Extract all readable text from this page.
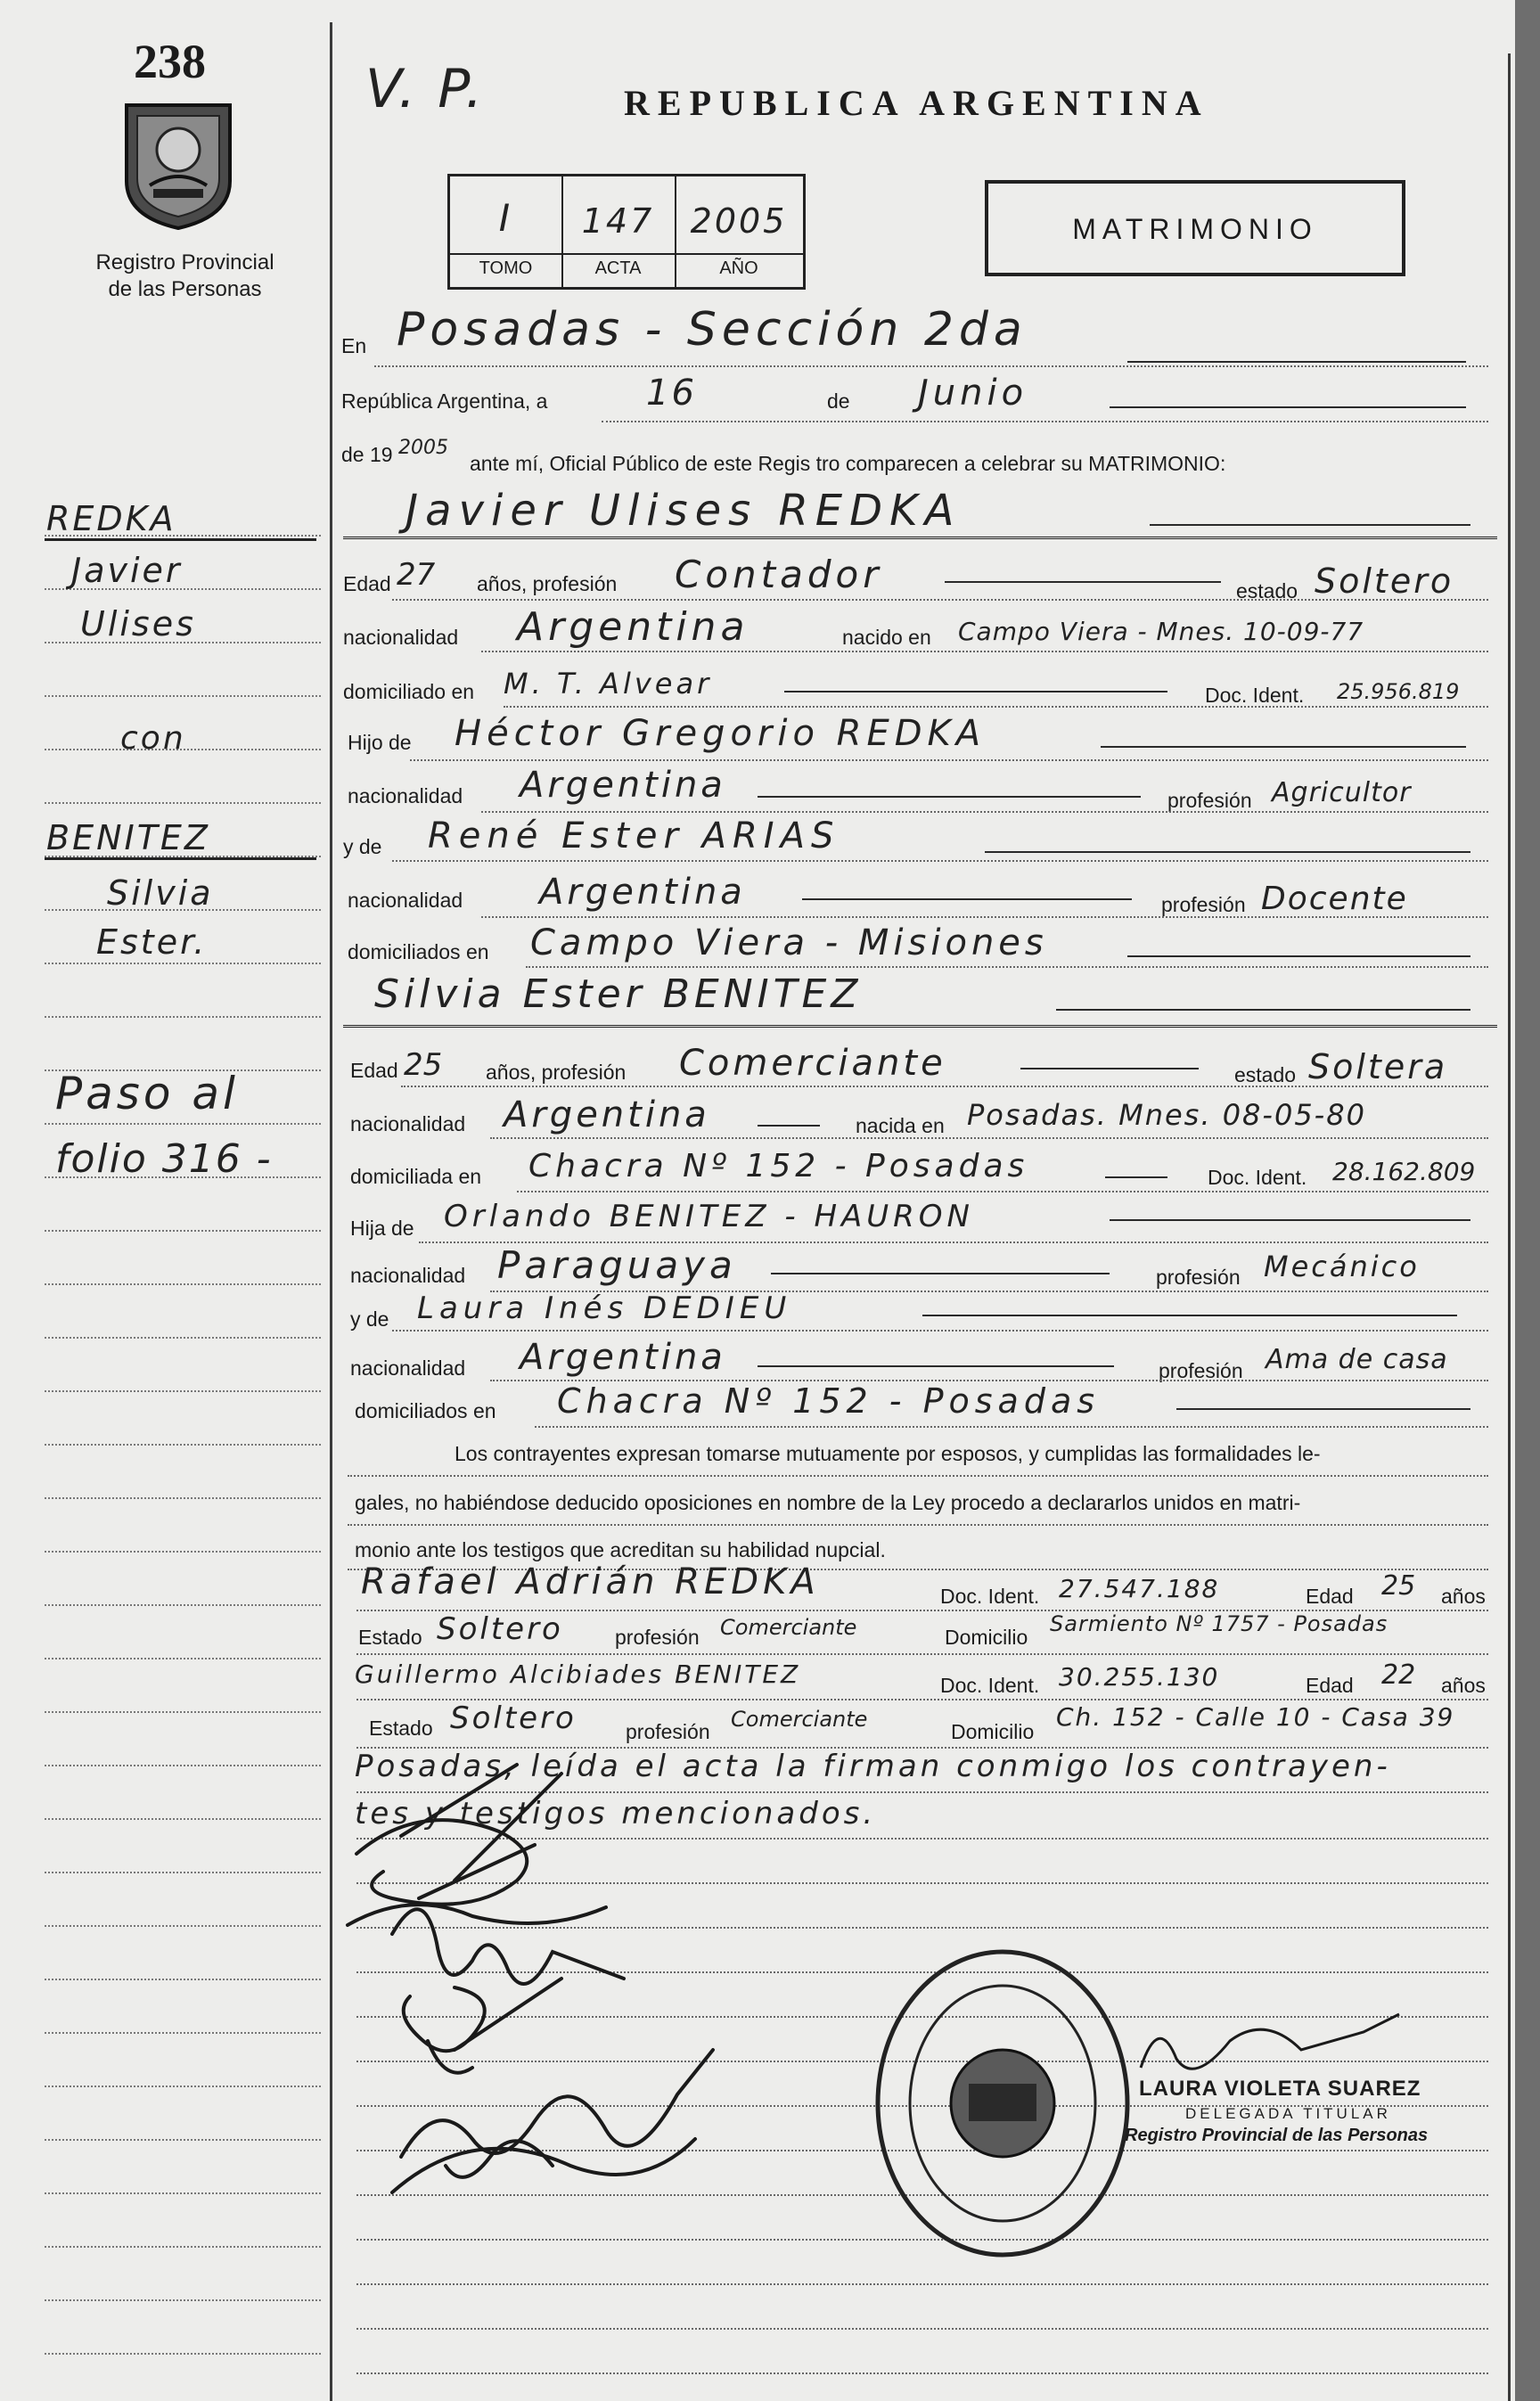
238
Registro Provincial
de las Personas
REDKA
Javier
Ulises
con
BENITEZ
Silvia
Ester.
Paso al
folio 316 -
V. P.	REPUBLICA ARGENTINA
I	147	2005
TOMO	ACTA	AÑO
MATRIMONIO
En Posadas - Sección 2da
República Argentina, a	16	de Junio
de 19 2005
ante mí, Oficial Público de este Regis tro comparecen a celebrar su MATRIMONIO:
Javier Ulises REDKA
Edad 27 años, profesión Contador	estado Soltero
nacionalidad Argentina	nacido en Campo Viera - Mnes. 10-09-77
domiciliado en M. T. Alvear	Doc. Ident. 25.956.819
Hijo de Héctor Gregorio REDKA
nacionalidad Argentina	profesión Agricultor
y de René Ester ARIAS
nacionalidad Argentina	profesión Docente
domiciliados en Campo Viera - Misiones
Silvia Ester BENITEZ
Edad 25 años, profesión Comerciante	estado Soltera
nacionalidad Argentina	nacida en Posadas. Mnes. 08-05-80
domiciliada en Chacra Nº 152 - Posadas	Doc. Ident. 28.162.809
Hija de Orlando BENITEZ - HAURON
nacionalidad Paraguaya	profesión Mecánico
y de Laura Inés DEDIEU
nacionalidad Argentina	profesión Ama de casa
domiciliados en Chacra Nº 152 - Posadas
Los contrayentes expresan tomarse mutuamente por esposos, y cumplidas las formalidades le-
gales, no habiéndose deducido oposiciones en nombre de la Ley procedo a declararlos unidos en matri-
monio ante los testigos que acreditan su habilidad nupcial.
Rafael Adrián REDKA	Doc. Ident. 27.547.188	Edad 25 años
Estado Soltero	profesión Comerciante	Domicilio
Sarmiento Nº 1757 - Posadas
Guillermo Alcibiades BENITEZ	Doc. Ident. 30.255.130	Edad 22 años
Estado Soltero profesión Comerciante	Domicilio Ch. 152 - Calle 10 - Casa 39
Posadas, leída el acta la firman conmigo los contrayen-
tes y testigos mencionados.
LAURA VIOLETA SUAREZ
DELEGADA TITULAR
Registro Provincial de las Personas
